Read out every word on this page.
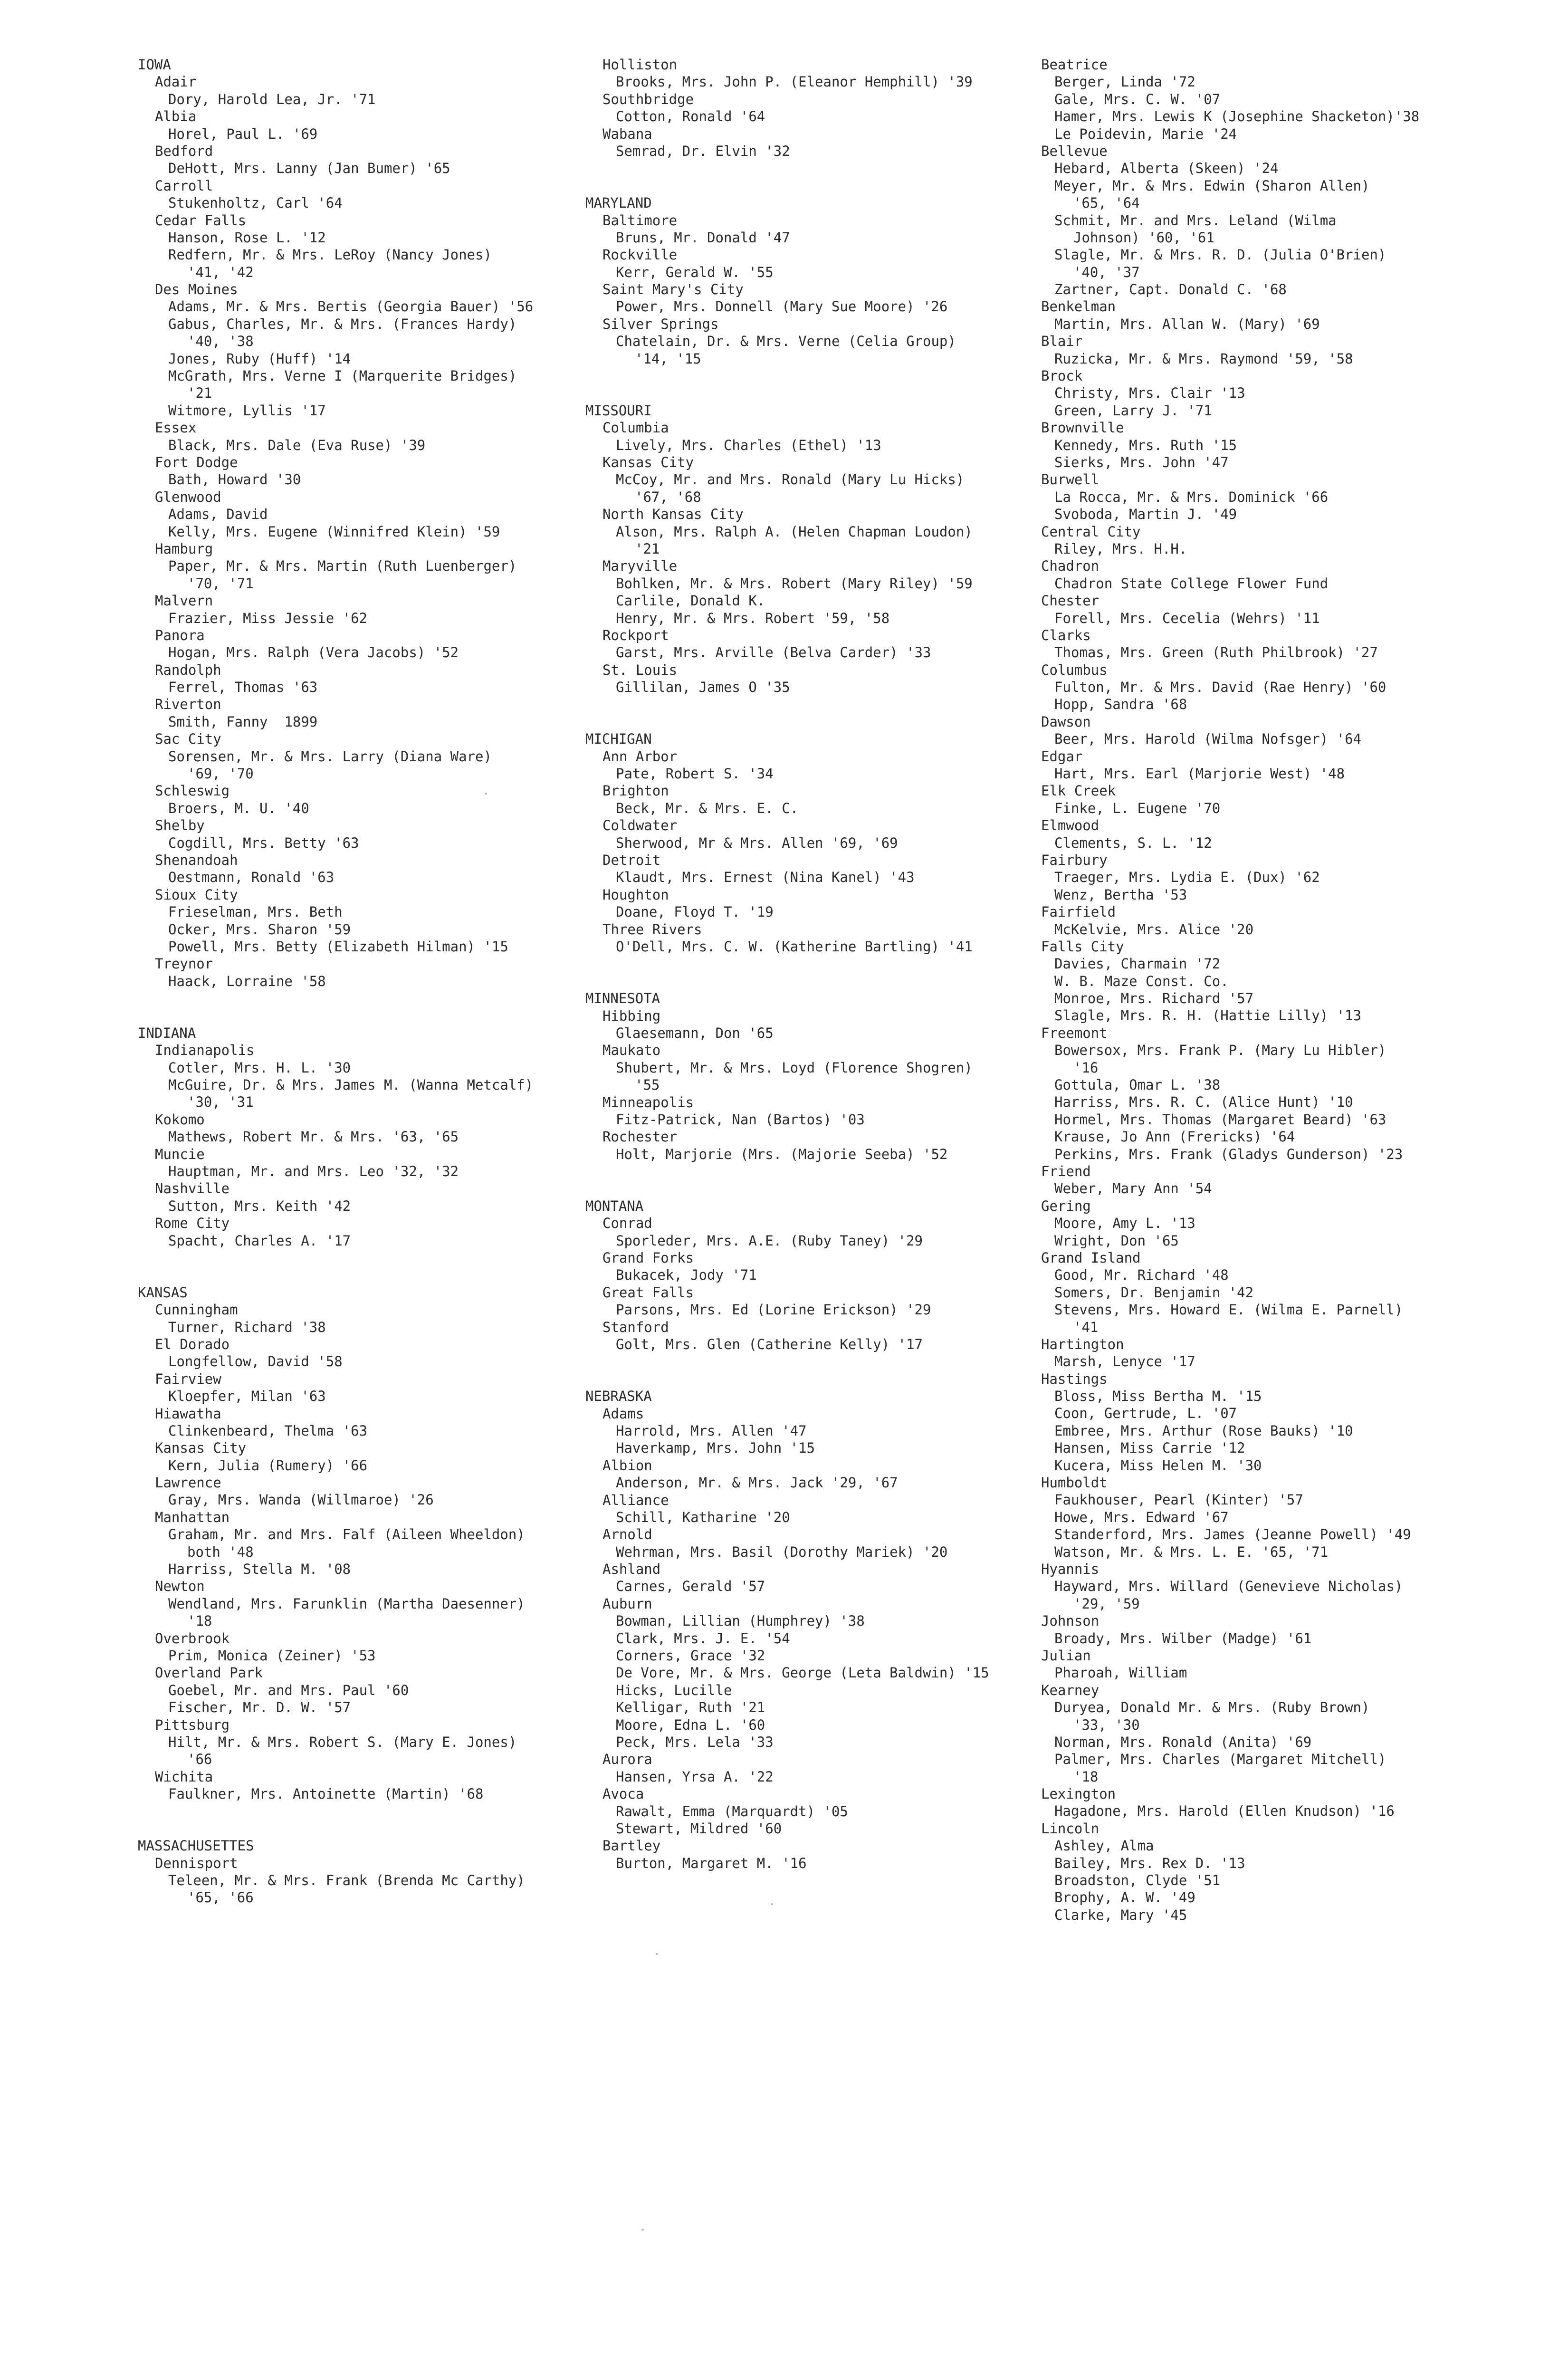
IOWA
Adair
Dory, Harold Lea, Jr. '71
Albia
Horel, Paul L. '69
Bedford
DeHott, Mrs. Lanny (Jan Bumer) '65
Carroll
Stukenholtz, Carl '64
Cedar Falls
Hanson, Rose L. '12
Redfern, Mr. & Mrs. LeRoy (Nancy Jones)
'41, '42
Des Moines
Adams, Mr. & Mrs. Bertis (Georgia Bauer) '56
Gabus, Charles, Mr. & Mrs. (Frances Hardy)
'40, '38
Jones, Ruby (Huff) '14
McGrath, Mrs. Verne I (Marquerite Bridges)
'21
Witmore, Lyllis '17
Essex
Black, Mrs. Dale (Eva Ruse) '39
Fort Dodge
Bath, Howard '30
Glenwood
Adams, David
Kelly, Mrs. Eugene (Winnifred Klein) '59
Hamburg
Paper, Mr. & Mrs. Martin (Ruth Luenberger)
'70, '71
Malvern
Frazier, Miss Jessie '62
Panora
Hogan, Mrs. Ralph (Vera Jacobs) '52
Randolph
Ferrel, Thomas '63
Riverton
Smith, Fanny  1899
Sac City
Sorensen, Mr. & Mrs. Larry (Diana Ware)
'69, '70
Schleswig
Broers, M. U. '40
Shelby
Cogdill, Mrs. Betty '63
Shenandoah
Oestmann, Ronald '63
Sioux City
Frieselman, Mrs. Beth
Ocker, Mrs. Sharon '59
Powell, Mrs. Betty (Elizabeth Hilman) '15
Treynor
Haack, Lorraine '58
INDIANA
Indianapolis
Cotler, Mrs. H. L. '30
McGuire, Dr. & Mrs. James M. (Wanna Metcalf)
'30, '31
Kokomo
Mathews, Robert Mr. & Mrs. '63, '65
Muncie
Hauptman, Mr. and Mrs. Leo '32, '32
Nashville
Sutton, Mrs. Keith '42
Rome City
Spacht, Charles A. '17
KANSAS
Cunningham
Turner, Richard '38
El Dorado
Longfellow, David '58
Fairview
Kloepfer, Milan '63
Hiawatha
Clinkenbeard, Thelma '63
Kansas City
Kern, Julia (Rumery) '66
Lawrence
Gray, Mrs. Wanda (Willmaroe) '26
Manhattan
Graham, Mr. and Mrs. Falf (Aileen Wheeldon)
both '48
Harriss, Stella M. '08
Newton
Wendland, Mrs. Farunklin (Martha Daesenner)
'18
Overbrook
Prim, Monica (Zeiner) '53
Overland Park
Goebel, Mr. and Mrs. Paul '60
Fischer, Mr. D. W. '57
Pittsburg
Hilt, Mr. & Mrs. Robert S. (Mary E. Jones)
'66
Wichita
Faulkner, Mrs. Antoinette (Martin) '68
MASSACHUSETTES
Dennisport
Teleen, Mr. & Mrs. Frank (Brenda Mc Carthy)
'65, '66
Holliston
Brooks, Mrs. John P. (Eleanor Hemphill) '39
Southbridge
Cotton, Ronald '64
Wabana
Semrad, Dr. Elvin '32
MARYLAND
Baltimore
Bruns, Mr. Donald '47
Rockville
Kerr, Gerald W. '55
Saint Mary's City
Power, Mrs. Donnell (Mary Sue Moore) '26
Silver Springs
Chatelain, Dr. & Mrs. Verne (Celia Group)
'14, '15
MISSOURI
Columbia
Lively, Mrs. Charles (Ethel) '13
Kansas City
McCoy, Mr. and Mrs. Ronald (Mary Lu Hicks)
'67, '68
North Kansas City
Alson, Mrs. Ralph A. (Helen Chapman Loudon)
'21
Maryville
Bohlken, Mr. & Mrs. Robert (Mary Riley) '59
Carlile, Donald K.
Henry, Mr. & Mrs. Robert '59, '58
Rockport
Garst, Mrs. Arville (Belva Carder) '33
St. Louis
Gillilan, James O '35
MICHIGAN
Ann Arbor
Pate, Robert S. '34
Brighton
Beck, Mr. & Mrs. E. C.
Coldwater
Sherwood, Mr & Mrs. Allen '69, '69
Detroit
Klaudt, Mrs. Ernest (Nina Kanel) '43
Houghton
Doane, Floyd T. '19
Three Rivers
O'Dell, Mrs. C. W. (Katherine Bartling) '41
MINNESOTA
Hibbing
Glaesemann, Don '65
Maukato
Shubert, Mr. & Mrs. Loyd (Florence Shogren)
'55
Minneapolis
Fitz-Patrick, Nan (Bartos) '03
Rochester
Holt, Marjorie (Mrs. (Majorie Seeba) '52
MONTANA
Conrad
Sporleder, Mrs. A.E. (Ruby Taney) '29
Grand Forks
Bukacek, Jody '71
Great Falls
Parsons, Mrs. Ed (Lorine Erickson) '29
Stanford
Golt, Mrs. Glen (Catherine Kelly) '17
NEBRASKA
Adams
Harrold, Mrs. Allen '47
Haverkamp, Mrs. John '15
Albion
Anderson, Mr. & Mrs. Jack '29, '67
Alliance
Schill, Katharine '20
Arnold
Wehrman, Mrs. Basil (Dorothy Mariek) '20
Ashland
Carnes, Gerald '57
Auburn
Bowman, Lillian (Humphrey) '38
Clark, Mrs. J. E. '54
Corners, Grace '32
De Vore, Mr. & Mrs. George (Leta Baldwin) '15
Hicks, Lucille
Kelligar, Ruth '21
Moore, Edna L. '60
Peck, Mrs. Lela '33
Aurora
Hansen, Yrsa A. '22
Avoca
Rawalt, Emma (Marquardt) '05
Stewart, Mildred '60
Bartley
Burton, Margaret M. '16
Beatrice
Berger, Linda '72
Gale, Mrs. C. W. '07
Hamer, Mrs. Lewis K (Josephine Shacketon)'38
Le Poidevin, Marie '24
Bellevue
Hebard, Alberta (Skeen) '24
Meyer, Mr. & Mrs. Edwin (Sharon Allen)
'65, '64
Schmit, Mr. and Mrs. Leland (Wilma
Johnson) '60, '61
Slagle, Mr. & Mrs. R. D. (Julia O'Brien)
'40, '37
Zartner, Capt. Donald C. '68
Benkelman
Martin, Mrs. Allan W. (Mary) '69
Blair
Ruzicka, Mr. & Mrs. Raymond '59, '58
Brock
Christy, Mrs. Clair '13
Green, Larry J. '71
Brownville
Kennedy, Mrs. Ruth '15
Sierks, Mrs. John '47
Burwell
La Rocca, Mr. & Mrs. Dominick '66
Svoboda, Martin J. '49
Central City
Riley, Mrs. H.H.
Chadron
Chadron State College Flower Fund
Chester
Forell, Mrs. Cecelia (Wehrs) '11
Clarks
Thomas, Mrs. Green (Ruth Philbrook) '27
Columbus
Fulton, Mr. & Mrs. David (Rae Henry) '60
Hopp, Sandra '68
Dawson
Beer, Mrs. Harold (Wilma Nofsger) '64
Edgar
Hart, Mrs. Earl (Marjorie West) '48
Elk Creek
Finke, L. Eugene '70
Elmwood
Clements, S. L. '12
Fairbury
Traeger, Mrs. Lydia E. (Dux) '62
Wenz, Bertha '53
Fairfield
McKelvie, Mrs. Alice '20
Falls City
Davies, Charmain '72
W. B. Maze Const. Co.
Monroe, Mrs. Richard '57
Slagle, Mrs. R. H. (Hattie Lilly) '13
Freemont
Bowersox, Mrs. Frank P. (Mary Lu Hibler)
'16
Gottula, Omar L. '38
Harriss, Mrs. R. C. (Alice Hunt) '10
Hormel, Mrs. Thomas (Margaret Beard) '63
Krause, Jo Ann (Frericks) '64
Perkins, Mrs. Frank (Gladys Gunderson) '23
Friend
Weber, Mary Ann '54
Gering
Moore, Amy L. '13
Wright, Don '65
Grand Island
Good, Mr. Richard '48
Somers, Dr. Benjamin '42
Stevens, Mrs. Howard E. (Wilma E. Parnell)
'41
Hartington
Marsh, Lenyce '17
Hastings
Bloss, Miss Bertha M. '15
Coon, Gertrude, L. '07
Embree, Mrs. Arthur (Rose Bauks) '10
Hansen, Miss Carrie '12
Kucera, Miss Helen M. '30
Humboldt
Faukhouser, Pearl (Kinter) '57
Howe, Mrs. Edward '67
Standerford, Mrs. James (Jeanne Powell) '49
Watson, Mr. & Mrs. L. E. '65, '71
Hyannis
Hayward, Mrs. Willard (Genevieve Nicholas)
'29, '59
Johnson
Broady, Mrs. Wilber (Madge) '61
Julian
Pharoah, William
Kearney
Duryea, Donald Mr. & Mrs. (Ruby Brown)
'33, '30
Norman, Mrs. Ronald (Anita) '69
Palmer, Mrs. Charles (Margaret Mitchell)
'18
Lexington
Hagadone, Mrs. Harold (Ellen Knudson) '16
Lincoln
Ashley, Alma
Bailey, Mrs. Rex D. '13
Broadston, Clyde '51
Brophy, A. W. '49
Clarke, Mary '45
